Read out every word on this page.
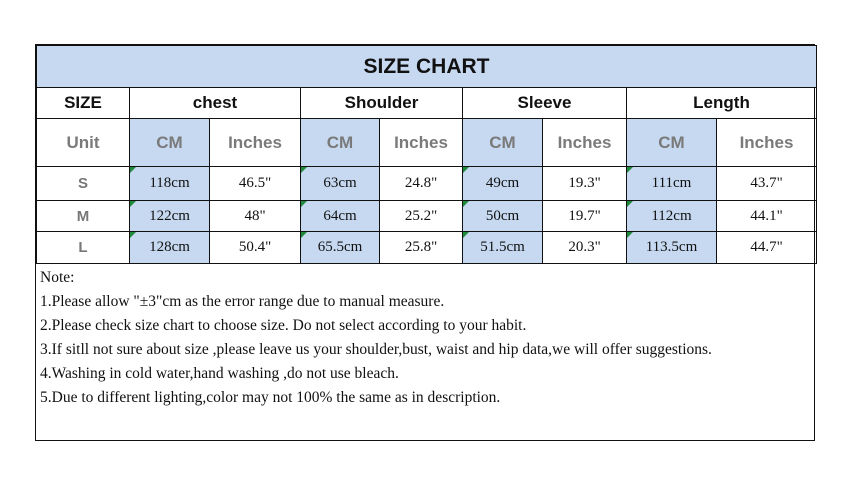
SIZE CHART								
SIZE	chest		Shoulder		Sleeve		Length	
Unit	CM	Inches	CM	Inches	CM	Inches	CM	Inches
S	118cm	46.5"	63cm	24.8"	49cm	19.3"	111cm	43.7"
M	122cm	48"	64cm	25.2"	50cm	19.7"	112cm	44.1"
L	128cm	50.4"	65.5cm	25.8"	51.5cm	20.3"	113.5cm	44.7"
Note:
1.Please allow "±3"cm as the error range due to manual measure.
2.Please check size chart to choose size. Do not select according to your habit.
3.If sitll not sure about size ,please leave us your shoulder,bust, waist and hip data,we will offer suggestions.
4.Washing in cold water,hand washing ,do not use bleach.
5.Due to different lighting,color may not 100% the same as in description.
